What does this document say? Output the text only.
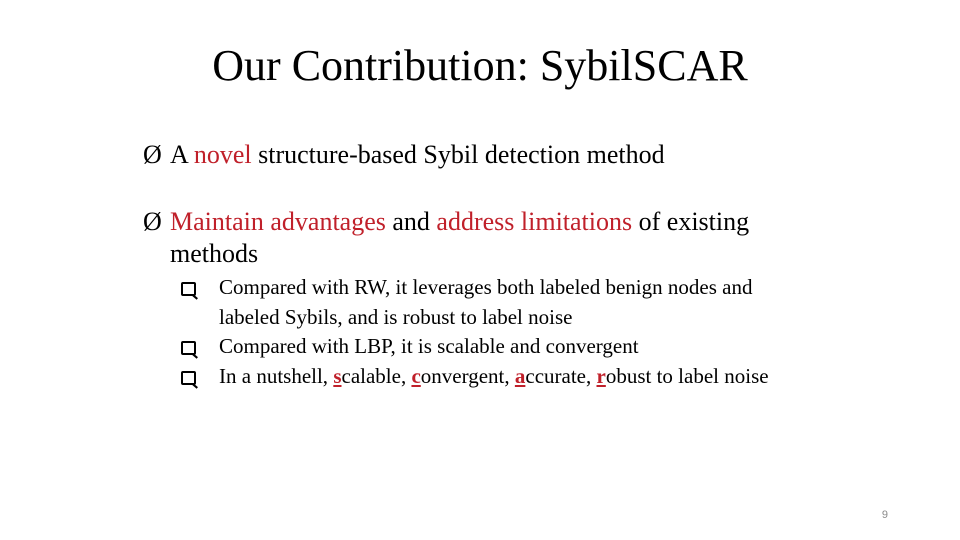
Our Contribution: SybilSCAR
Ø A novel structure-based Sybil detection method
Ø Maintain advantages and address limitations of existing
methods
Compared with RW, it leverages both labeled benign nodes and
labeled Sybils, and is robust to label noise
Compared with LBP, it is scalable and convergent
In a nutshell, scalable, convergent, accurate, robust to label noise
9
